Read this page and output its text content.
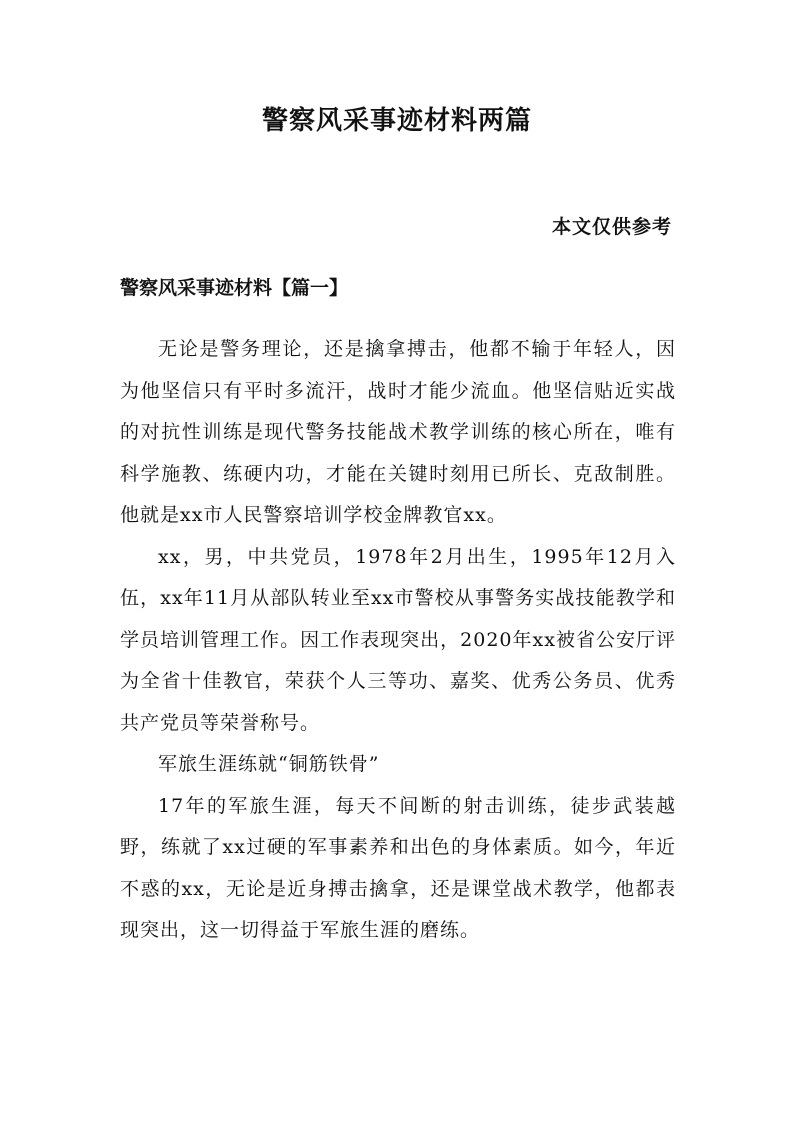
警察风采事迹材料两篇

本文仅供参考

警察风采事迹材料【篇一】

无论是警务理论，还是擒拿搏击，他都不输于年轻人，因为他坚信只有平时多流汗，战时才能少流血。他坚信贴近实战的对抗性训练是现代警务技能战术教学训练的核心所在，唯有科学施教、练硬内功，才能在关键时刻用已所长、克敌制胜。他就是xx市人民警察培训学校金牌教官xx。

xx，男，中共党员，1978年2月出生，1995年12月入伍，xx年11月从部队转业至xx市警校从事警务实战技能教学和学员培训管理工作。因工作表现突出，2020年xx被省公安厅评为全省十佳教官，荣获个人三等功、嘉奖、优秀公务员、优秀共产党员等荣誉称号。

军旅生涯练就“铜筋铁骨”

17年的军旅生涯，每天不间断的射击训练，徒步武装越野，练就了xx过硬的军事素养和出色的身体素质。如今，年近不惑的xx，无论是近身搏击擒拿，还是课堂战术教学，他都表现突出，这一切得益于军旅生涯的磨练。
